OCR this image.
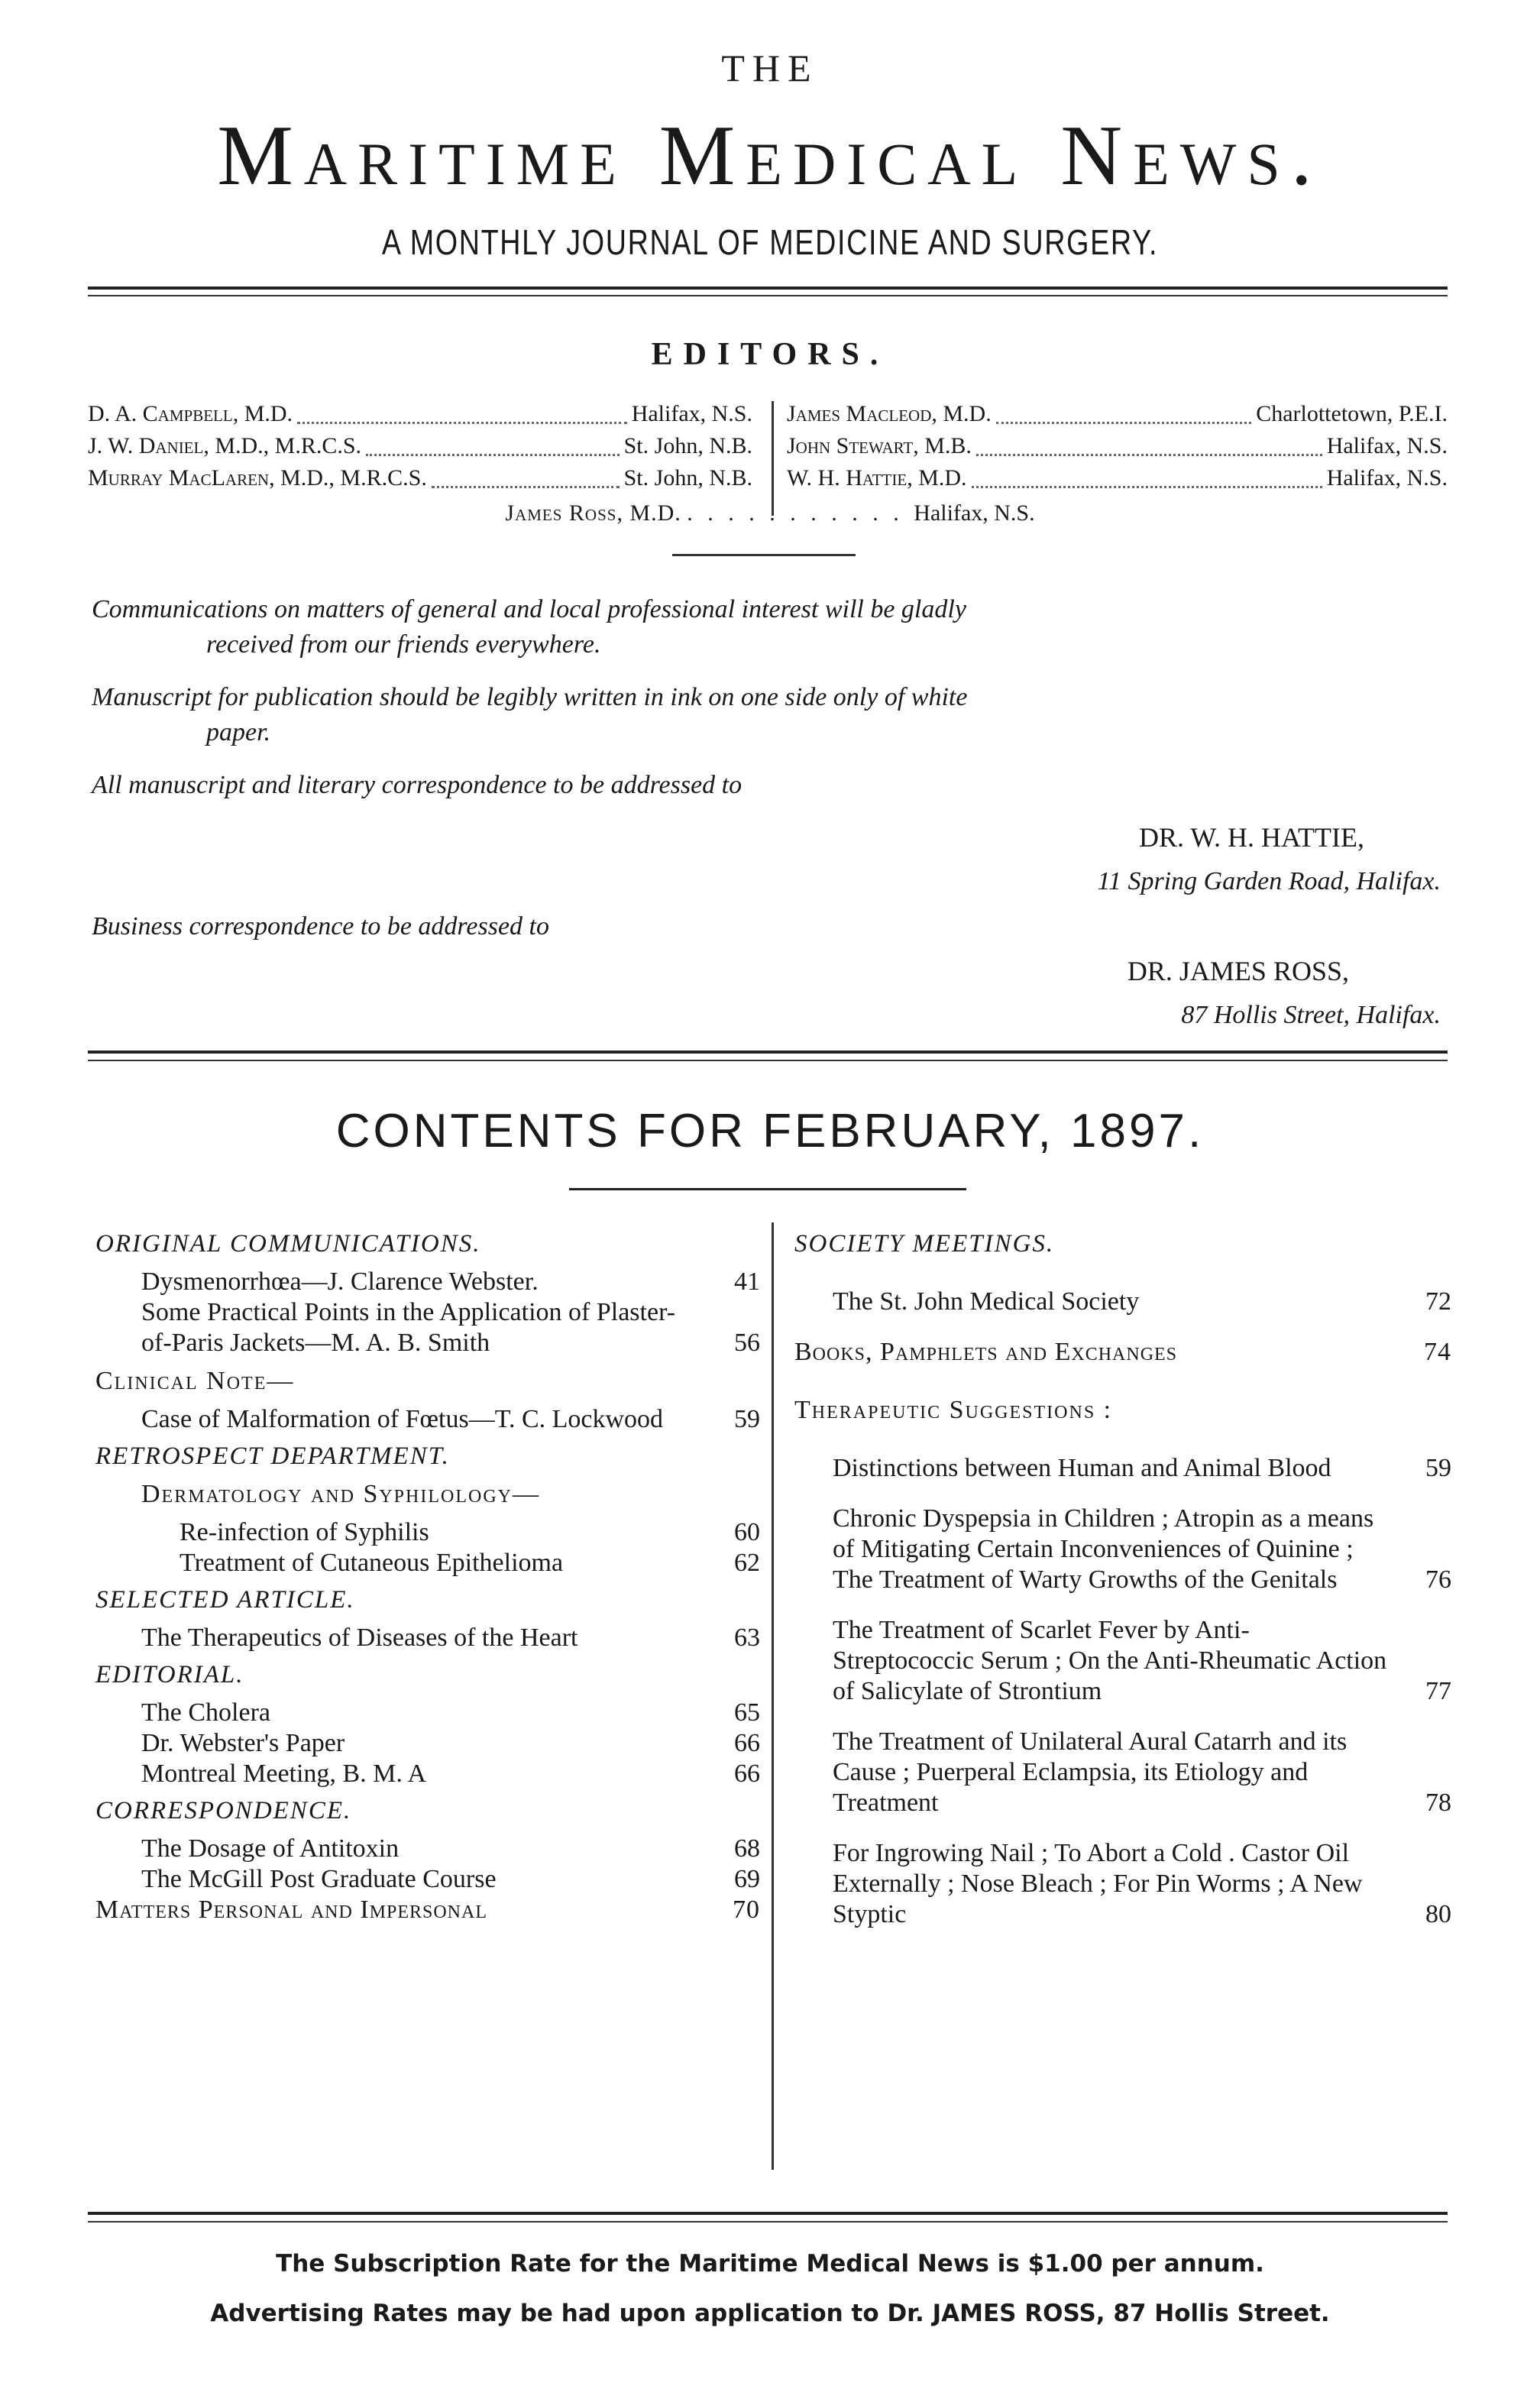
THE
Maritime Medical News.
A MONTHLY JOURNAL OF MEDICINE AND SURGERY.
EDITORS.
D. A. Campbell, M.D.	Halifax, N.S.
J. W. Daniel, M.D., M.R.C.S.	St. John, N.B.
Murray MacLaren, M.D., M.R.C.S.	St. John, N.B.
James Macleod, M.D.	Charlottetown, P.E.I.
John Stewart, M.B.	Halifax, N.S.
W. H. Hattie, M.D.	Halifax, N.S.
James Ross, M.D. . . . . . . . . . . . Halifax, N.S.
Communications on matters of general and local professional interest will be gladly
received from our friends everywhere.
Manuscript for publication should be legibly written in ink on one side only of white
paper.
All manuscript and literary correspondence to be addressed to
DR. W. H. HATTIE,
11 Spring Garden Road, Halifax.
Business correspondence to be addressed to
DR. JAMES ROSS,
87 Hollis Street, Halifax.
CONTENTS FOR FEBRUARY, 1897.
ORIGINAL COMMUNICATIONS.
Dysmenorrhœa—J. Clarence Webster.	41
Some Practical Points in the Application of Plaster-of-Paris Jackets—M. A. B. Smith	56
Clinical Note—
Case of Malformation of Fœtus—T. C. Lockwood	59
RETROSPECT DEPARTMENT.
Dermatology and Syphilology—
Re-infection of Syphilis	60
Treatment of Cutaneous Epithelioma	62
SELECTED ARTICLE.
The Therapeutics of Diseases of the Heart	63
EDITORIAL.
The Cholera	65
Dr. Webster's Paper	66
Montreal Meeting, B. M. A	66
CORRESPONDENCE.
The Dosage of Antitoxin	68
The McGill Post Graduate Course	69
Matters Personal and Impersonal	70
SOCIETY MEETINGS.
The St. John Medical Society	72
Books, Pamphlets and Exchanges	74
Therapeutic Suggestions :
Distinctions between Human and Animal Blood	59
Chronic Dyspepsia in Children ; Atropin as a means of Mitigating Certain Inconveniences of Quinine ; The Treatment of Warty Growths of the Genitals	76
The Treatment of Scarlet Fever by Anti-Streptococcic Serum ; On the Anti-Rheumatic Action of Salicylate of Strontium	77
The Treatment of Unilateral Aural Catarrh and its Cause ; Puerperal Eclampsia, its Etiology and Treatment	78
For Ingrowing Nail ; To Abort a Cold . Castor Oil Externally ; Nose Bleach ; For Pin Worms ; A New Styptic	80
The Subscription Rate for the Maritime Medical News is $1.00 per annum.
Advertising Rates may be had upon application to Dr. JAMES ROSS, 87 Hollis Street.
